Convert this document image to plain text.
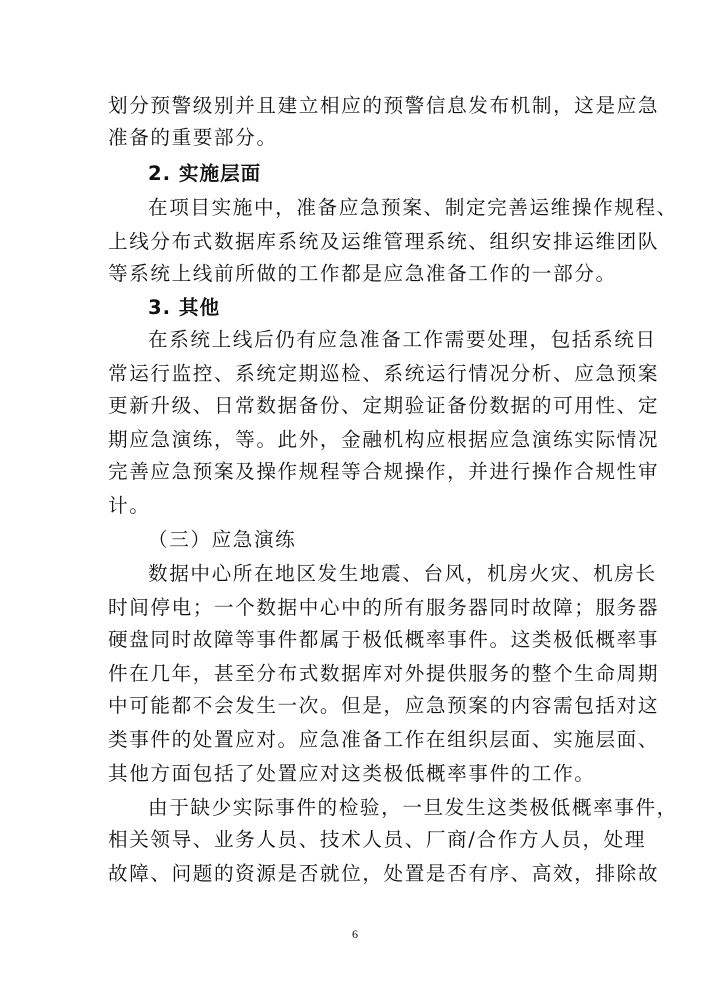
划分预警级别并且建立相应的预警信息发布机制，这是应急
准备的重要部分。
2. 实施层面
在项目实施中，准备应急预案、制定完善运维操作规程、
上线分布式数据库系统及运维管理系统、组织安排运维团队
等系统上线前所做的工作都是应急准备工作的一部分。
3. 其他
在系统上线后仍有应急准备工作需要处理，包括系统日
常运行监控、系统定期巡检、系统运行情况分析、应急预案
更新升级、日常数据备份、定期验证备份数据的可用性、定
期应急演练，等。此外，金融机构应根据应急演练实际情况
完善应急预案及操作规程等合规操作，并进行操作合规性审
计。
（三）应急演练
数据中心所在地区发生地震、台风，机房火灾、机房长
时间停电；一个数据中心中的所有服务器同时故障；服务器
硬盘同时故障等事件都属于极低概率事件。这类极低概率事
件在几年，甚至分布式数据库对外提供服务的整个生命周期
中可能都不会发生一次。但是，应急预案的内容需包括对这
类事件的处置应对。应急准备工作在组织层面、实施层面、
其他方面包括了处置应对这类极低概率事件的工作。
由于缺少实际事件的检验，一旦发生这类极低概率事件，
相关领导、业务人员、技术人员、厂商/合作方人员，处理
故障、问题的资源是否就位，处置是否有序、高效，排除故
6
